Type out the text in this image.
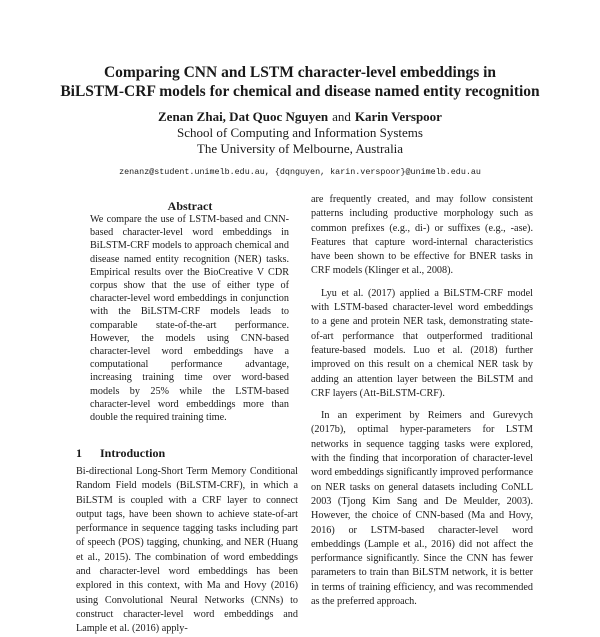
Comparing CNN and LSTM character-level embeddings in
BiLSTM-CRF models for chemical and disease named entity recognition
Zenan Zhai, Dat Quoc Nguyen and Karin Verspoor
School of Computing and Information Systems
The University of Melbourne, Australia
zenanz@student.unimelb.edu.au, {dqnguyen, karin.verspoor}@unimelb.edu.au
Abstract

We compare the use of LSTM-based and CNN-based character-level word embeddings in BiLSTM-CRF models to approach chemical and disease named entity recognition (NER) tasks. Empirical results over the BioCreative V CDR corpus show that the use of either type of character-level word embeddings in conjunction with the BiLSTM-CRF models leads to comparable state-of-the-art performance. However, the models using CNN-based character-level word embeddings have a computational performance advantage, increasing training time over word-based models by 25% while the LSTM-based character-level word embeddings more than double the required training time.

1 Introduction

Bi-directional Long-Short Term Memory Conditional Random Field models (BiLSTM-CRF), in which a BiLSTM is coupled with a CRF layer to connect output tags, have been shown to achieve state-of-art performance in sequence tagging tasks including part of speech (POS) tagging, chunking, and NER (Huang et al., 2015). The combination of word embeddings and character-level word embeddings has been explored in this context, with Ma and Hovy (2016) using Convolutional Neural Networks (CNNs) to construct character-level word embeddings and Lample et al. (2016) apply-

are frequently created, and may follow consistent patterns including productive morphology such as common prefixes (e.g., di-) or suffixes (e.g., -ase). Features that capture word-internal characteristics have been shown to be effective for BNER tasks in CRF models (Klinger et al., 2008).

Lyu et al. (2017) applied a BiLSTM-CRF model with LSTM-based character-level word embeddings to a gene and protein NER task, demonstrating state-of-art performance that outperformed traditional feature-based models. Luo et al. (2018) further improved on this result on a chemical NER task by adding an attention layer between the BiLSTM and CRF layers (Att-BiLSTM-CRF).

In an experiment by Reimers and Gurevych (2017b), optimal hyper-parameters for LSTM networks in sequence tagging tasks were explored, with the finding that incorporation of character-level word embeddings significantly improved performance on NER tasks on general datasets including CoNLL 2003 (Tjong Kim Sang and De Meulder, 2003). However, the choice of CNN-based (Ma and Hovy, 2016) or LSTM-based character-level word embeddings (Lample et al., 2016) did not affect the performance significantly. Since the CNN has fewer parameters to train than BiLSTM network, it is better in terms of training efficiency, and was recommended as the preferred approach.
